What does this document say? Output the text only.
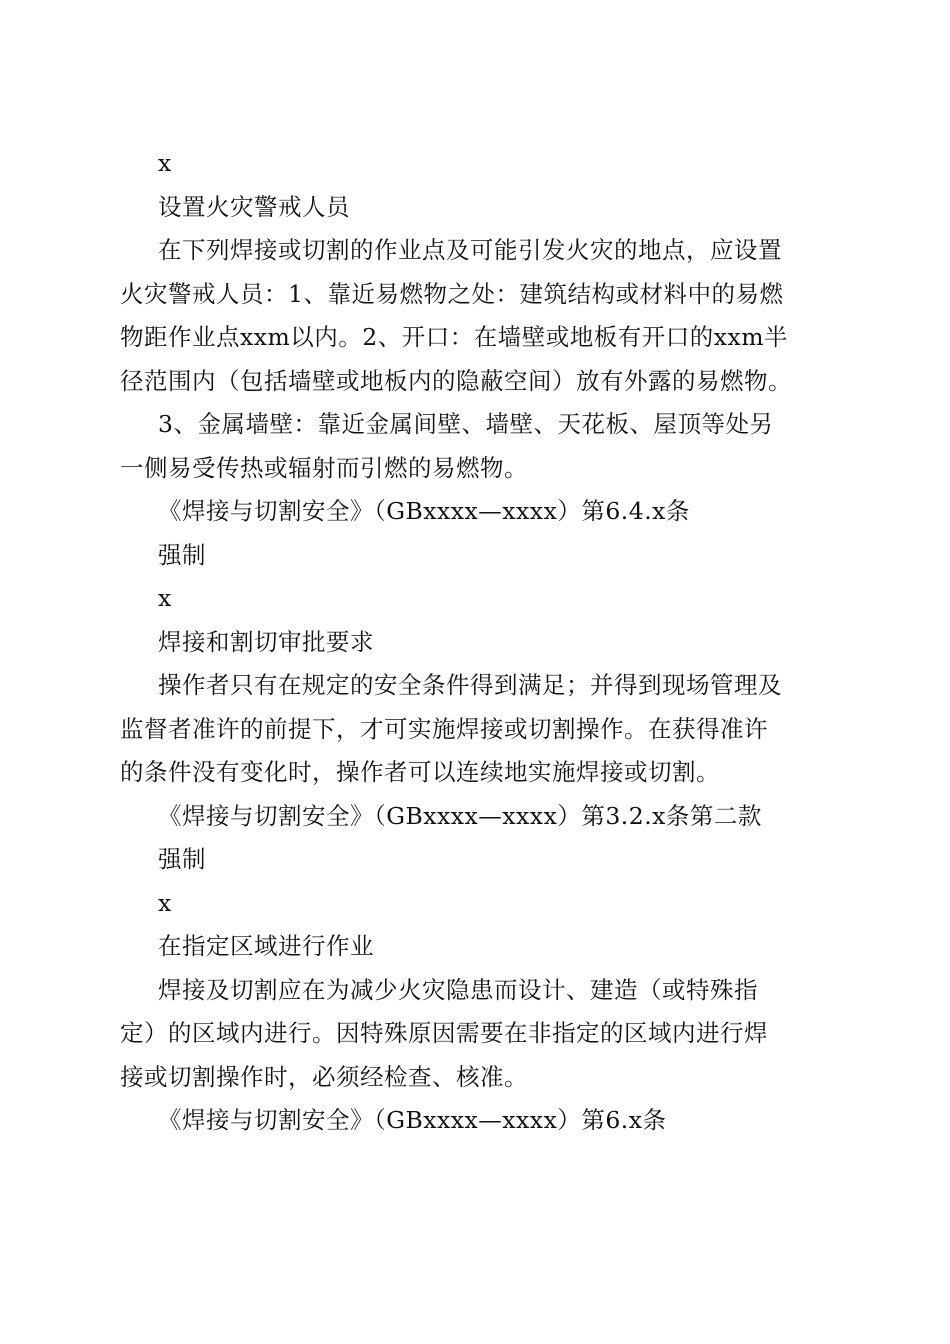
x
设置火灾警戒人员
在下列焊接或切割的作业点及可能引发火灾的地点，应设置
火灾警戒人员：1、靠近易燃物之处：建筑结构或材料中的易燃
物距作业点xxm以内。2、开口：在墙壁或地板有开口的xxm半
径范围内（包括墙壁或地板内的隐蔽空间）放有外露的易燃物。
3、金属墙壁：靠近金属间壁、墙壁、天花板、屋顶等处另
一侧易受传热或辐射而引燃的易燃物。
《焊接与切割安全》（GBxxxx—xxxx）第6.4.x条
强制
x
焊接和割切审批要求
操作者只有在规定的安全条件得到满足；并得到现场管理及
监督者准许的前提下，才可实施焊接或切割操作。在获得准许
的条件没有变化时，操作者可以连续地实施焊接或切割。
《焊接与切割安全》（GBxxxx—xxxx）第3.2.x条第二款
强制
x
在指定区域进行作业
焊接及切割应在为减少火灾隐患而设计、建造（或特殊指
定）的区域内进行。因特殊原因需要在非指定的区域内进行焊
接或切割操作时，必须经检查、核准。
《焊接与切割安全》（GBxxxx—xxxx）第6.x条
